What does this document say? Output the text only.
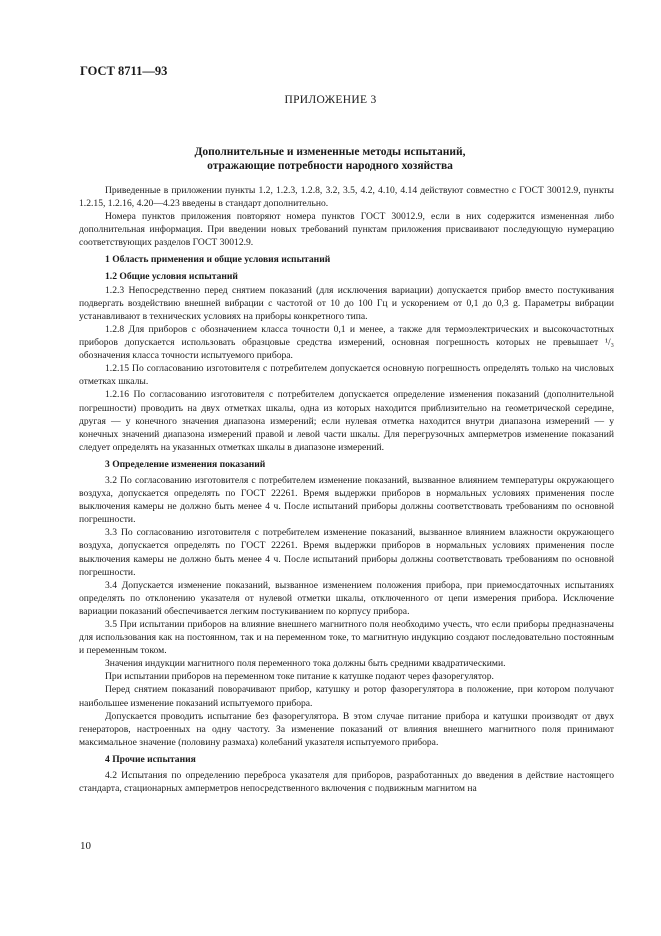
ГОСТ 8711—93
ПРИЛОЖЕНИЕ 3
Дополнительные и измененные методы испытаний,
отражающие потребности народного хозяйства

Приведенные в приложении пункты 1.2, 1.2.3, 1.2.8, 3.2, 3.5, 4.2, 4.10, 4.14 действуют совместно с ГОСТ 30012.9, пункты 1.2.15, 1.2.16, 4.20—4.23 введены в стандарт дополнительно.

Номера пунктов приложения повторяют номера пунктов ГОСТ 30012.9, если в них содержится измененная либо дополнительная информация. При введении новых требований пунктам приложения присваивают последующую нумерацию соответствующих разделов ГОСТ 30012.9.

1 Область применения и общие условия испытаний

1.2 Общие условия испытаний

1.2.3 Непосредственно перед снятием показаний (для исключения вариации) допускается прибор вместо постукивания подвергать воздействию внешней вибрации с частотой от 10 до 100 Гц и ускорением от 0,1 до 0,3 g. Параметры вибрации устанавливают в технических условиях на приборы конкретного типа.

1.2.8 Для приборов с обозначением класса точности 0,1 и менее, а также для термоэлектрических и высокочастотных приборов допускается использовать образцовые средства измерений, основная погрешность которых не превышает ¹/₃ обозначения класса точности испытуемого прибора.

1.2.15 По согласованию изготовителя с потребителем допускается основную погрешность определять только на числовых отметках шкалы.

1.2.16 По согласованию изготовителя с потребителем допускается определение изменения показаний (дополнительной погрешности) проводить на двух отметках шкалы, одна из которых находится приблизительно на геометрической середине, другая — у конечного значения диапазона измерений; если нулевая отметка находится внутри диапазона измерений — у конечных значений диапазона измерений правой и левой части шкалы. Для перегрузочных амперметров изменение показаний следует определять на указанных отметках шкалы в диапазоне измерений.

3 Определение изменения показаний

3.2 По согласованию изготовителя с потребителем изменение показаний, вызванное влиянием температуры окружающего воздуха, допускается определять по ГОСТ 22261. Время выдержки приборов в нормальных условиях применения после выключения камеры не должно быть менее 4 ч. После испытаний приборы должны соответствовать требованиям по основной погрешности.

3.3 По согласованию изготовителя с потребителем изменение показаний, вызванное влиянием влажности окружающего воздуха, допускается определять по ГОСТ 22261. Время выдержки приборов в нормальных условиях применения после выключения камеры не должно быть менее 4 ч. После испытаний приборы должны соответствовать требованиям по основной погрешности.

3.4 Допускается изменение показаний, вызванное изменением положения прибора, при приемосдаточных испытаниях определять по отклонению указателя от нулевой отметки шкалы, отключенного от цепи измерения прибора. Исключение вариации показаний обеспечивается легким постукиванием по корпусу прибора.

3.5 При испытании приборов на влияние внешнего магнитного поля необходимо учесть, что если приборы предназначены для использования как на постоянном, так и на переменном токе, то магнитную индукцию создают последовательно постоянным и переменным током.

Значения индукции магнитного поля переменного тока должны быть средними квадратическими.

При испытании приборов на переменном токе питание к катушке подают через фазорегулятор.

Перед снятием показаний поворачивают прибор, катушку и ротор фазорегулятора в положение, при котором получают наибольшее изменение показаний испытуемого прибора.

Допускается проводить испытание без фазорегулятора. В этом случае питание прибора и катушки производят от двух генераторов, настроенных на одну частоту. За изменение показаний от влияния внешнего магнитного поля принимают максимальное значение (половину размаха) колебаний указателя испытуемого прибора.

4 Прочие испытания

4.2 Испытания по определению переброса указателя для приборов, разработанных до введения в действие настоящего стандарта, стационарных амперметров непосредственного включения с подвижным магнитом на

10
